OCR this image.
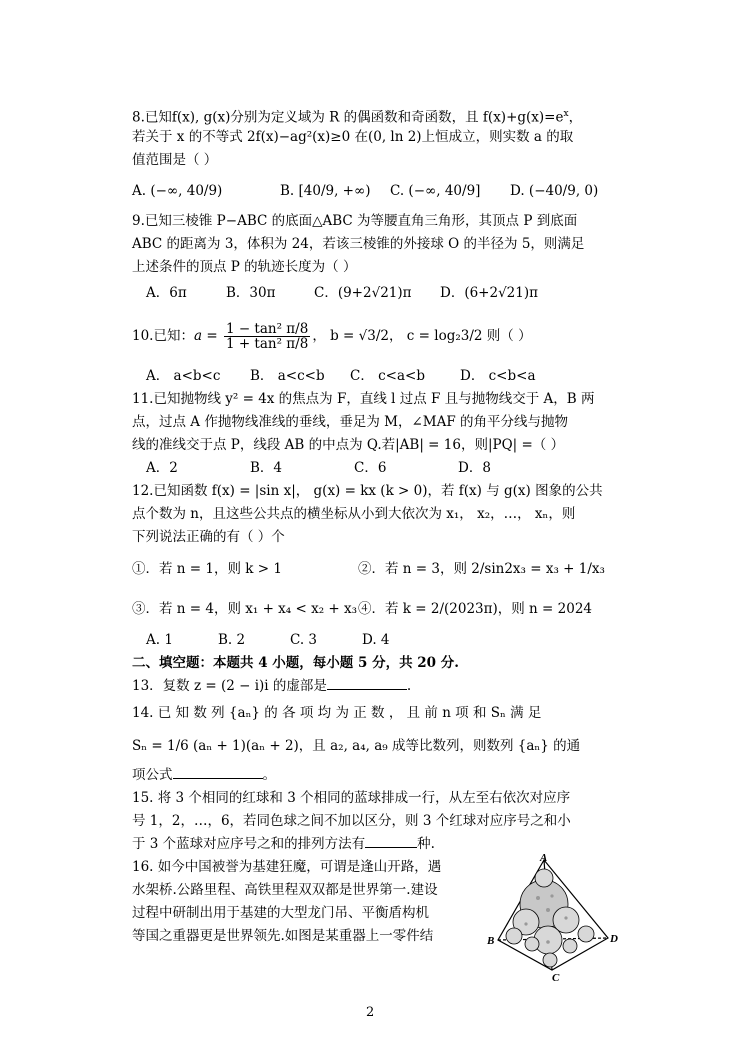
8.已知f(x), g(x)分别为定义域为 R 的偶函数和奇函数，且 $f(x)+g(x)=e^x$，
若关于 x 的不等式 2f(x)−ag²(x)≥0 在(0, ln 2)上恒成立，则实数 a 的取
值范围是（ ）
A. (−∞, 40/9)	B. [40/9, +∞)	C. (−∞, 40/9]	D. (−40/9, 0)
9.已知三棱锥 P−ABC 的底面△ABC 为等腰直角三角形，其顶点 P 到底面
ABC 的距离为 3，体积为 24，若该三棱锥的外接球 O 的半径为 5，则满足
上述条件的顶点 P 的轨迹长度为（ ）
A．6π	B．30π	C．(9+2√21)π	D．(6+2√21)π
10.已知：$a = \frac{\text{1 − tan² π/8}}{\text{1 + tan² π/8}}$ ， b = √3/2， c = log₂3/2 则（ ）
A． a<b<c	B． a<c<b	C． c<a<b	D． c<b<a
11.已知抛物线 y² = 4x 的焦点为 F，直线 l 过点 F 且与抛物线交于 A，B 两
点，过点 A 作抛物线准线的垂线，垂足为 M，∠MAF 的角平分线与抛物
线的准线交于点 P，线段 AB 的中点为 Q.若|AB| = 16，则|PQ| =（ ）
A．2	B．4	C．6	D．8
12.已知函数 f(x) = |sin x|， g(x) = kx (k > 0)，若 f(x) 与 g(x) 图象的公共
点个数为 n，且这些公共点的横坐标从小到大依次为 x₁， x₂，…， xₙ，则
下列说法正确的有（ ）个
①．若 n = 1，则 k > 1	②．若 n = 3，则 2/sin2x₃ = x₃ + 1/x₃
③．若 n = 4，则 x₁ + x₄ < x₂ + x₃ ④．若 k = 2/(2023π)，则 n = 2024
A. 1	B. 2	C. 3	D. 4
二、填空题：本题共 4 小题，每小题 5 分，共 20 分.
13．复数 z = (2 − i)i 的虚部是	.
14. 已 知 数 列 {aₙ} 的 各 项 均 为 正 数 ， 且 前 n 项 和 Sₙ 满 足
Sₙ = 1/6 (aₙ + 1)(aₙ + 2)，且 a₂, a₄, a₉ 成等比数列，则数列 {aₙ} 的通
项公式	。
15. 将 3 个相同的红球和 3 个相同的蓝球排成一行，从左至右依次对应序
号 1，2，…，6，若同色球之间不加以区分，则 3 个红球对应序号之和小
于 3 个蓝球对应序号之和的排列方法有	种.
16. 如今中国被誉为基建狂魔，可谓是逢山开路，遇
水架桥.公路里程、高铁里程双双都是世界第一.建设
过程中研制出用于基建的大型龙门吊、平衡盾构机
等国之重器更是世界领先.如图是某重器上一零件结
A
B
C
D
2
